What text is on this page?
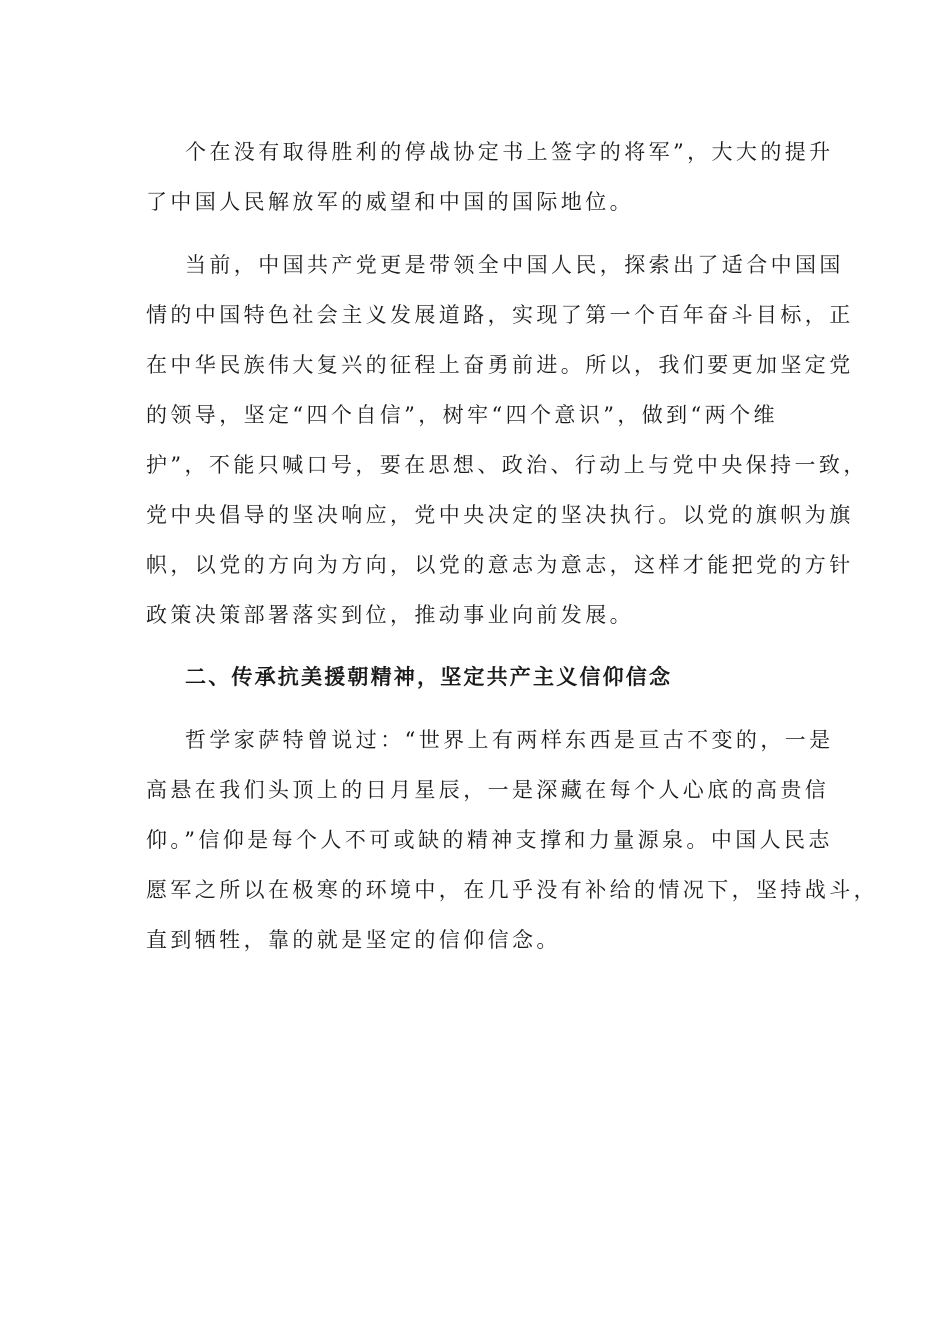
个在没有取得胜利的停战协定书上签字的将军”，大大的提升
了中国人民解放军的威望和中国的国际地位。
当前，中国共产党更是带领全中国人民，探索出了适合中国国
情的中国特色社会主义发展道路，实现了第一个百年奋斗目标，正
在中华民族伟大复兴的征程上奋勇前进。所以，我们要更加坚定党
的领导，坚定“四个自信”，树牢“四个意识”，做到“两个维
护”，不能只喊口号，要在思想、政治、行动上与党中央保持一致，
党中央倡导的坚决响应，党中央决定的坚决执行。以党的旗帜为旗
帜，以党的方向为方向，以党的意志为意志，这样才能把党的方针
政策决策部署落实到位，推动事业向前发展。
二、传承抗美援朝精神，坚定共产主义信仰信念
哲学家萨特曾说过：“世界上有两样东西是亘古不变的，一是
高悬在我们头顶上的日月星辰，一是深藏在每个人心底的高贵信
仰。”信仰是每个人不可或缺的精神支撑和力量源泉。中国人民志
愿军之所以在极寒的环境中，在几乎没有补给的情况下，坚持战斗，
直到牺牲，靠的就是坚定的信仰信念。
